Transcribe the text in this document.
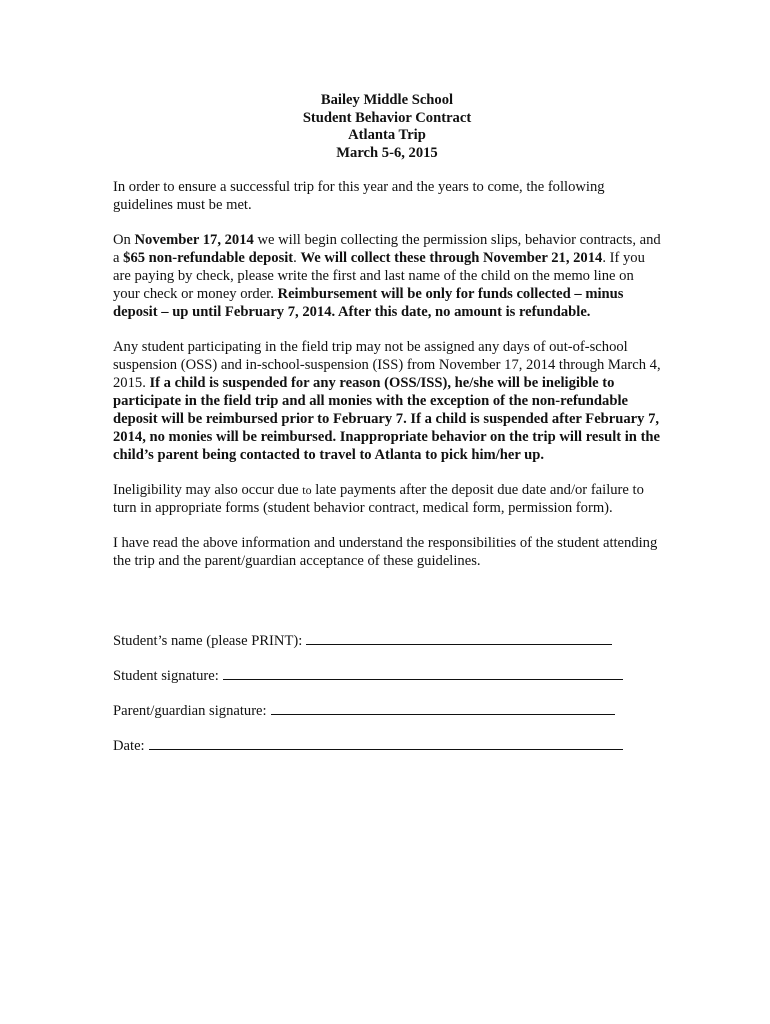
Bailey Middle School
Student Behavior Contract
Atlanta Trip
March 5-6, 2015

In order to ensure a successful trip for this year and the years to come, the following guidelines must be met.

On November 17, 2014 we will begin collecting the permission slips, behavior contracts, and a $65 non-refundable deposit. We will collect these through November 21, 2014. If you are paying by check, please write the first and last name of the child on the memo line on your check or money order. Reimbursement will be only for funds collected – minus deposit – up until February 7, 2014. After this date, no amount is refundable.

Any student participating in the field trip may not be assigned any days of out-of-school suspension (OSS) and in-school-suspension (ISS) from November 17, 2014 through March 4, 2015. If a child is suspended for any reason (OSS/ISS), he/she will be ineligible to participate in the field trip and all monies with the exception of the non-refundable deposit will be reimbursed prior to February 7. If a child is suspended after February 7, 2014, no monies will be reimbursed. Inappropriate behavior on the trip will result in the child’s parent being contacted to travel to Atlanta to pick him/her up.

Ineligibility may also occur due to late payments after the deposit due date and/or failure to turn in appropriate forms (student behavior contract, medical form, permission form).

I have read the above information and understand the responsibilities of the student attending the trip and the parent/guardian acceptance of these guidelines.

Student’s name (please PRINT):
Student signature:
Parent/guardian signature:
Date:
